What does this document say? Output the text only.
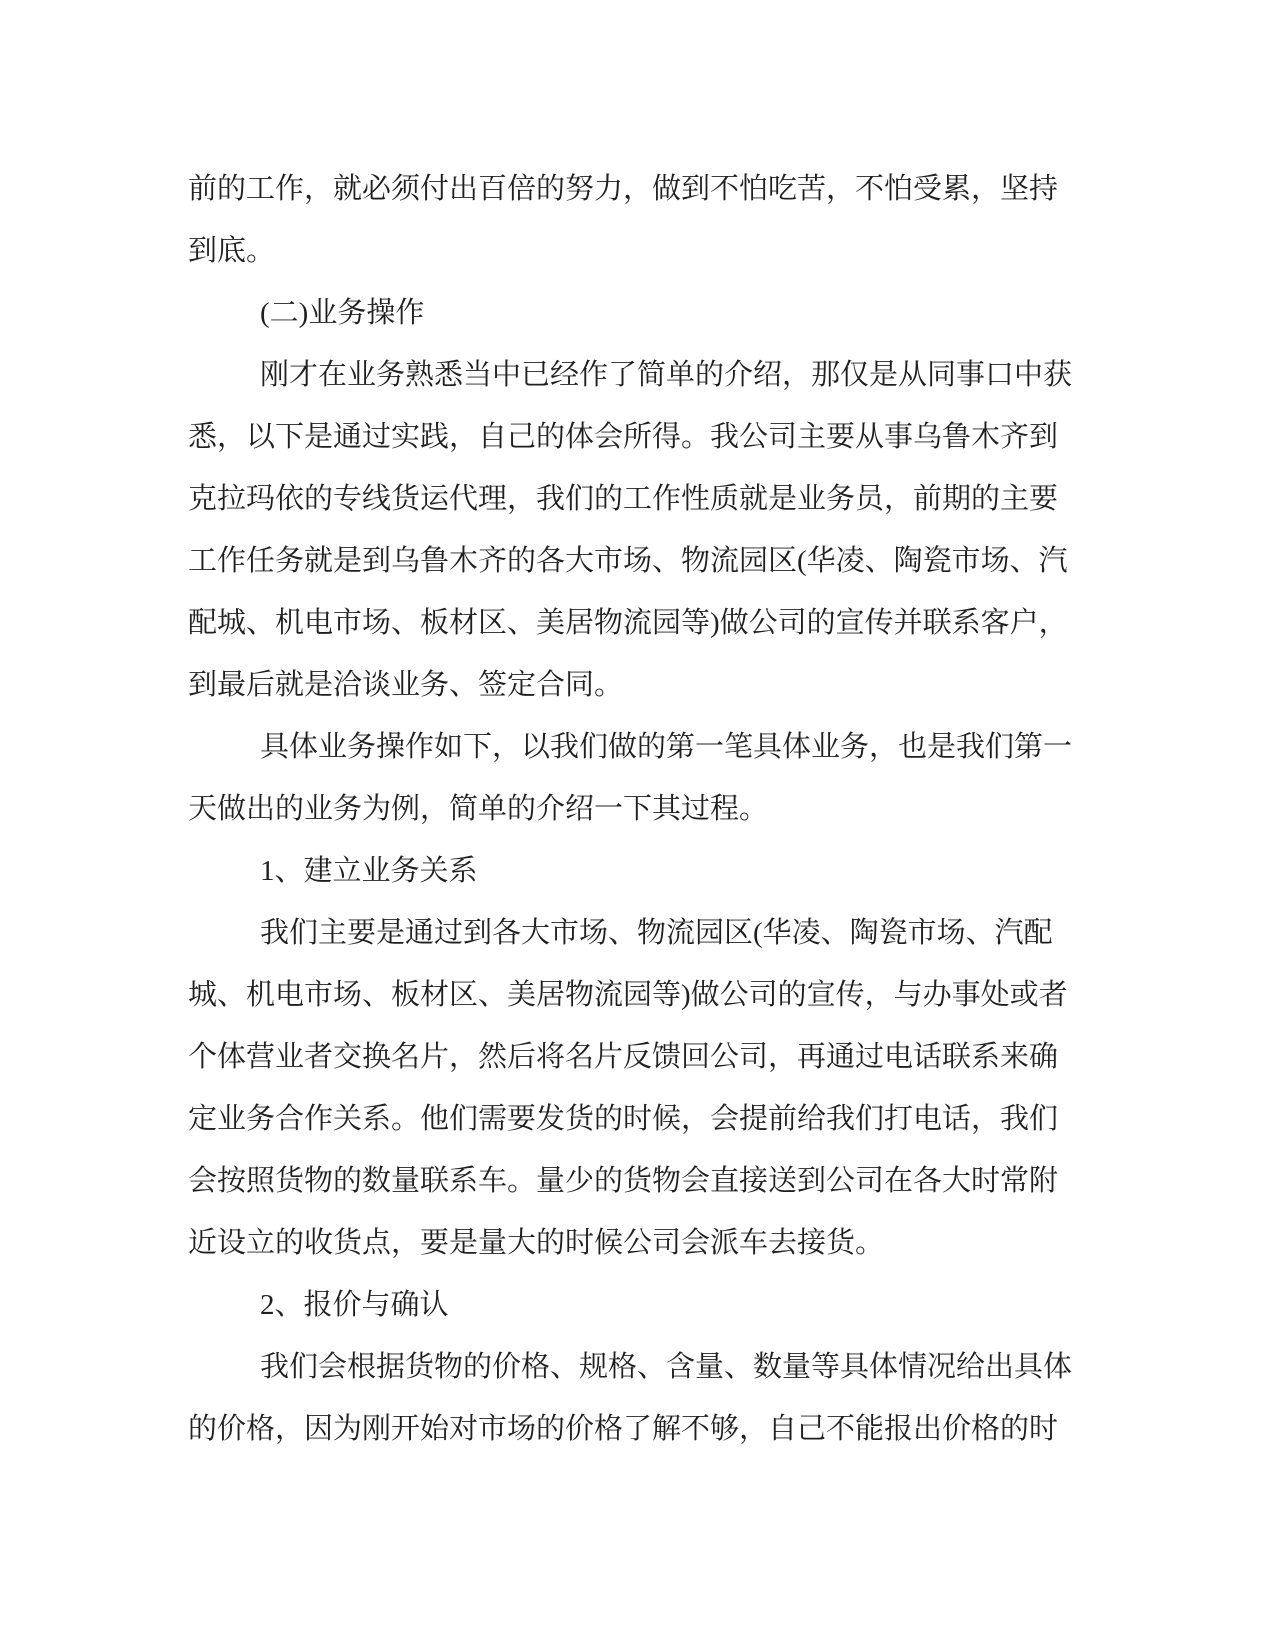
前的工作，就必须付出百倍的努力，做到不怕吃苦，不怕受累，坚持
到底。
(二)业务操作
刚才在业务熟悉当中已经作了简单的介绍，那仅是从同事口中获
悉，以下是通过实践，自己的体会所得。我公司主要从事乌鲁木齐到
克拉玛依的专线货运代理，我们的工作性质就是业务员，前期的主要
工作任务就是到乌鲁木齐的各大市场、物流园区(华凌、陶瓷市场、汽
配城、机电市场、板材区、美居物流园等)做公司的宣传并联系客户，
到最后就是洽谈业务、签定合同。
具体业务操作如下，以我们做的第一笔具体业务，也是我们第一
天做出的业务为例，简单的介绍一下其过程。
1、建立业务关系
我们主要是通过到各大市场、物流园区(华凌、陶瓷市场、汽配
城、机电市场、板材区、美居物流园等)做公司的宣传，与办事处或者
个体营业者交换名片，然后将名片反馈回公司，再通过电话联系来确
定业务合作关系。他们需要发货的时候，会提前给我们打电话，我们
会按照货物的数量联系车。量少的货物会直接送到公司在各大时常附
近设立的收货点，要是量大的时候公司会派车去接货。
2、报价与确认
我们会根据货物的价格、规格、含量、数量等具体情况给出具体
的价格，因为刚开始对市场的价格了解不够，自己不能报出价格的时
